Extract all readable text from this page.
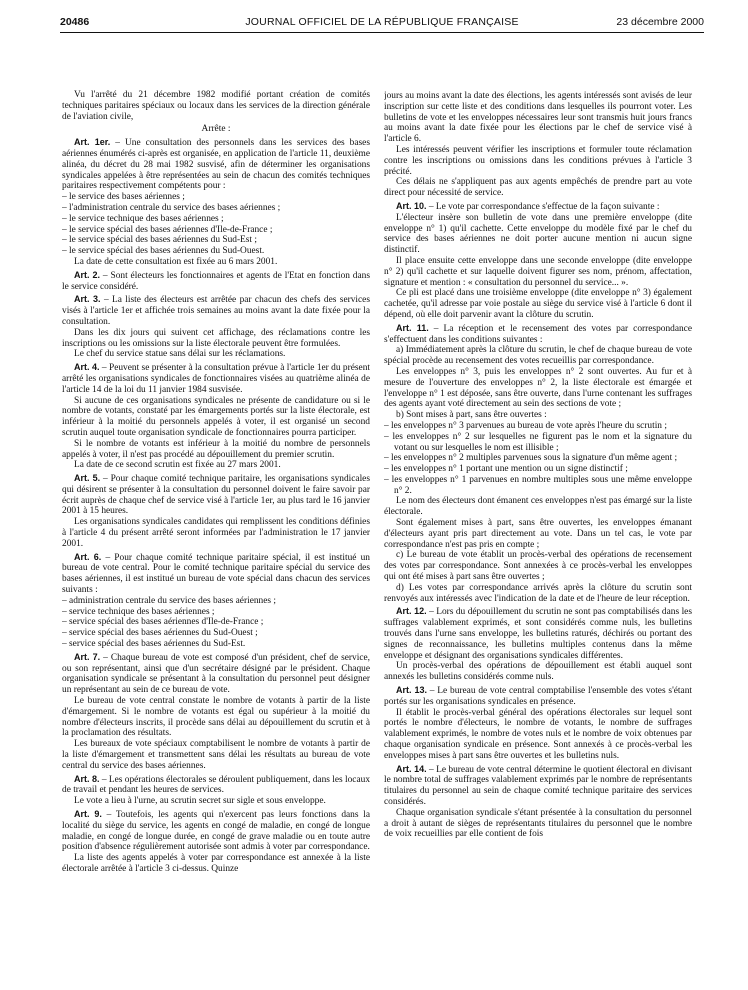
20486	JOURNAL OFFICIEL DE LA RÉPUBLIQUE FRANÇAISE	23 décembre 2000

Vu l'arrêté du 21 décembre 1982 modifié portant création de comités techniques paritaires spéciaux ou locaux dans les services de la direction générale de l'aviation civile,

Arrête :

Art. 1er. – Une consultation des personnels dans les services des bases aériennes énumérés ci-après est organisée, en application de l'article 11, deuxième alinéa, du décret du 28 mai 1982 susvisé, afin de déterminer les organisations syndicales appelées à être représentées au sein de chacun des comités techniques paritaires respectivement compétents pour :

– le service des bases aériennes ;
– l'administration centrale du service des bases aériennes ;
– le service technique des bases aériennes ;
– le service spécial des bases aériennes d'Ile-de-France ;
– le service spécial des bases aériennes du Sud-Est ;
– le service spécial des bases aériennes du Sud-Ouest.

La date de cette consultation est fixée au 6 mars 2001.

Art. 2. – Sont électeurs les fonctionnaires et agents de l'Etat en fonction dans le service considéré.

Art. 3. – La liste des électeurs est arrêtée par chacun des chefs des services visés à l'article 1er et affichée trois semaines au moins avant la date fixée pour la consultation.

Dans les dix jours qui suivent cet affichage, des réclamations contre les inscriptions ou les omissions sur la liste électorale peuvent être formulées.

Le chef du service statue sans délai sur les réclamations.

Art. 4. – Peuvent se présenter à la consultation prévue à l'article 1er du présent arrêté les organisations syndicales de fonctionnaires visées au quatrième alinéa de l'article 14 de la loi du 11 janvier 1984 susvisée.

Si aucune de ces organisations syndicales ne présente de candidature ou si le nombre de votants, constaté par les émargements portés sur la liste électorale, est inférieur à la moitié du personnels appelés à voter, il est organisé un second scrutin auquel toute organisation syndicale de fonctionnaires pourra participer.

Si le nombre de votants est inférieur à la moitié du nombre de personnels appelés à voter, il n'est pas procédé au dépouillement du premier scrutin.

La date de ce second scrutin est fixée au 27 mars 2001.

Art. 5. – Pour chaque comité technique paritaire, les organisations syndicales qui désirent se présenter à la consultation du personnel doivent le faire savoir par écrit auprès de chaque chef de service visé à l'article 1er, au plus tard le 16 janvier 2001 à 15 heures.

Les organisations syndicales candidates qui remplissent les conditions définies à l'article 4 du présent arrêté seront informées par l'administration le 17 janvier 2001.

Art. 6. – Pour chaque comité technique paritaire spécial, il est institué un bureau de vote central. Pour le comité technique paritaire spécial du service des bases aériennes, il est institué un bureau de vote spécial dans chacun des services suivants :

– administration centrale du service des bases aériennes ;
– service technique des bases aériennes ;
– service spécial des bases aériennes d'Ile-de-France ;
– service spécial des bases aériennes du Sud-Ouest ;
– service spécial des bases aériennes du Sud-Est.

Art. 7. – Chaque bureau de vote est composé d'un président, chef de service, ou son représentant, ainsi que d'un secrétaire désigné par le président. Chaque organisation syndicale se présentant à la consultation du personnel peut désigner un représentant au sein de ce bureau de vote.

Le bureau de vote central constate le nombre de votants à partir de la liste d'émargement. Si le nombre de votants est égal ou supérieur à la moitié du nombre d'électeurs inscrits, il procède sans délai au dépouillement du scrutin et à la proclamation des résultats.

Les bureaux de vote spéciaux comptabilisent le nombre de votants à partir de la liste d'émargement et transmettent sans délai les résultats au bureau de vote central du service des bases aériennes.

Art. 8. – Les opérations électorales se déroulent publiquement, dans les locaux de travail et pendant les heures de services.

Le vote a lieu à l'urne, au scrutin secret sur sigle et sous enveloppe.

Art. 9. – Toutefois, les agents qui n'exercent pas leurs fonctions dans la localité du siège du service, les agents en congé de maladie, en congé de longue maladie, en congé de longue durée, en congé de grave maladie ou en toute autre position d'absence régulièrement autorisée sont admis à voter par correspondance.

La liste des agents appelés à voter par correspondance est annexée à la liste électorale arrêtée à l'article 3 ci-dessus. Quinze

jours au moins avant la date des élections, les agents intéressés sont avisés de leur inscription sur cette liste et des conditions dans lesquelles ils pourront voter. Les bulletins de vote et les enveloppes nécessaires leur sont transmis huit jours francs au moins avant la date fixée pour les élections par le chef de service visé à l'article 6.

Les intéressés peuvent vérifier les inscriptions et formuler toute réclamation contre les inscriptions ou omissions dans les conditions prévues à l'article 3 précité.

Ces délais ne s'appliquent pas aux agents empêchés de prendre part au vote direct pour nécessité de service.

Art. 10. – Le vote par correspondance s'effectue de la façon suivante :

L'électeur insère son bulletin de vote dans une première enveloppe (dite enveloppe n° 1) qu'il cachette. Cette enveloppe du modèle fixé par le chef du service des bases aériennes ne doit porter aucune mention ni aucun signe distinctif.

Il place ensuite cette enveloppe dans une seconde enveloppe (dite enveloppe n° 2) qu'il cachette et sur laquelle doivent figurer ses nom, prénom, affectation, signature et mention : « consultation du personnel du service... ».

Ce pli est placé dans une troisième enveloppe (dite enveloppe n° 3) également cachetée, qu'il adresse par voie postale au siège du service visé à l'article 6 dont il dépend, où elle doit parvenir avant la clôture du scrutin.

Art. 11. – La réception et le recensement des votes par correspondance s'effectuent dans les conditions suivantes :

a) Immédiatement après la clôture du scrutin, le chef de chaque bureau de vote spécial procède au recensement des votes recueillis par correspondance.

Les enveloppes n° 3, puis les enveloppes n° 2 sont ouvertes. Au fur et à mesure de l'ouverture des enveloppes n° 2, la liste électorale est émargée et l'enveloppe n° 1 est déposée, sans être ouverte, dans l'urne contenant les suffrages des agents ayant voté directement au sein des sections de vote ;

b) Sont mises à part, sans être ouvertes :

– les enveloppes n° 3 parvenues au bureau de vote après l'heure du scrutin ;
– les enveloppes n° 2 sur lesquelles ne figurent pas le nom et la signature du votant ou sur lesquelles le nom est illisible ;
– les enveloppes n° 2 multiples parvenues sous la signature d'un même agent ;
– les enveloppes n° 1 portant une mention ou un signe distinctif ;
– les enveloppes n° 1 parvenues en nombre multiples sous une même enveloppe n° 2.

Le nom des électeurs dont émanent ces enveloppes n'est pas émargé sur la liste électorale.

Sont également mises à part, sans être ouvertes, les enveloppes émanant d'électeurs ayant pris part directement au vote. Dans un tel cas, le vote par correspondance n'est pas pris en compte ;

c) Le bureau de vote établit un procès-verbal des opérations de recensement des votes par correspondance. Sont annexées à ce procès-verbal les enveloppes qui ont été mises à part sans être ouvertes ;

d) Les votes par correspondance arrivés après la clôture du scrutin sont renvoyés aux intéressés avec l'indication de la date et de l'heure de leur réception.

Art. 12. – Lors du dépouillement du scrutin ne sont pas comptabilisés dans les suffrages valablement exprimés, et sont considérés comme nuls, les bulletins trouvés dans l'urne sans enveloppe, les bulletins raturés, déchirés ou portant des signes de reconnaissance, les bulletins multiples contenus dans la même enveloppe et désignant des organisations syndicales différentes.

Un procès-verbal des opérations de dépouillement est établi auquel sont annexés les bulletins considérés comme nuls.

Art. 13. – Le bureau de vote central comptabilise l'ensemble des votes s'étant portés sur les organisations syndicales en présence.

Il établit le procès-verbal général des opérations électorales sur lequel sont portés le nombre d'électeurs, le nombre de votants, le nombre de suffrages valablement exprimés, le nombre de votes nuls et le nombre de voix obtenues par chaque organisation syndicale en présence. Sont annexés à ce procès-verbal les enveloppes mises à part sans être ouvertes et les bulletins nuls.

Art. 14. – Le bureau de vote central détermine le quotient électoral en divisant le nombre total de suffrages valablement exprimés par le nombre de représentants titulaires du personnel au sein de chaque comité technique paritaire des services considérés.

Chaque organisation syndicale s'étant présentée à la consultation du personnel a droit à autant de sièges de représentants titulaires du personnel que le nombre de voix recueillies par elle contient de fois
